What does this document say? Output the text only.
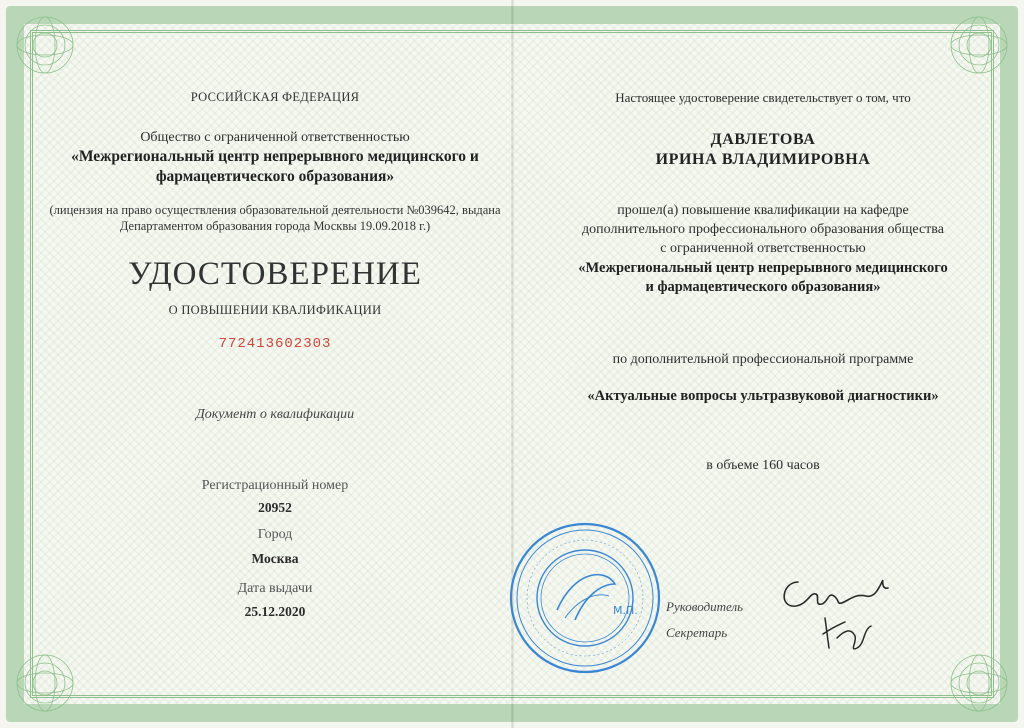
РОССИЙСКАЯ ФЕДЕРАЦИЯ
Общество с ограниченной ответственностью
«Межрегиональный центр непрерывного медицинского и
фармацевтического образования»
(лицензия на право осуществления образовательной деятельности №039642, выдана
Департаментом образования города Москвы 19.09.2018 г.)
УДОСТОВЕРЕНИЕ
О ПОВЫШЕНИИ КВАЛИФИКАЦИИ
772413602303
Документ о квалификации
Регистрационный номер
20952
Город
Москва
Дата выдачи
25.12.2020
Настоящее удостоверение свидетельствует о том, что
ДАВЛЕТОВА
ИРИНА ВЛАДИМИРОВНА
прошел(а) повышение квалификации на кафедре
дополнительного профессионального образования общества
с ограниченной ответственностью
«Межрегиональный центр непрерывного медицинского
и фармацевтического образования»
по дополнительной профессиональной программе
«Актуальные вопросы ультразвуковой диагностики»
в объеме 160 часов
Руководитель
Секретарь
М.П.
